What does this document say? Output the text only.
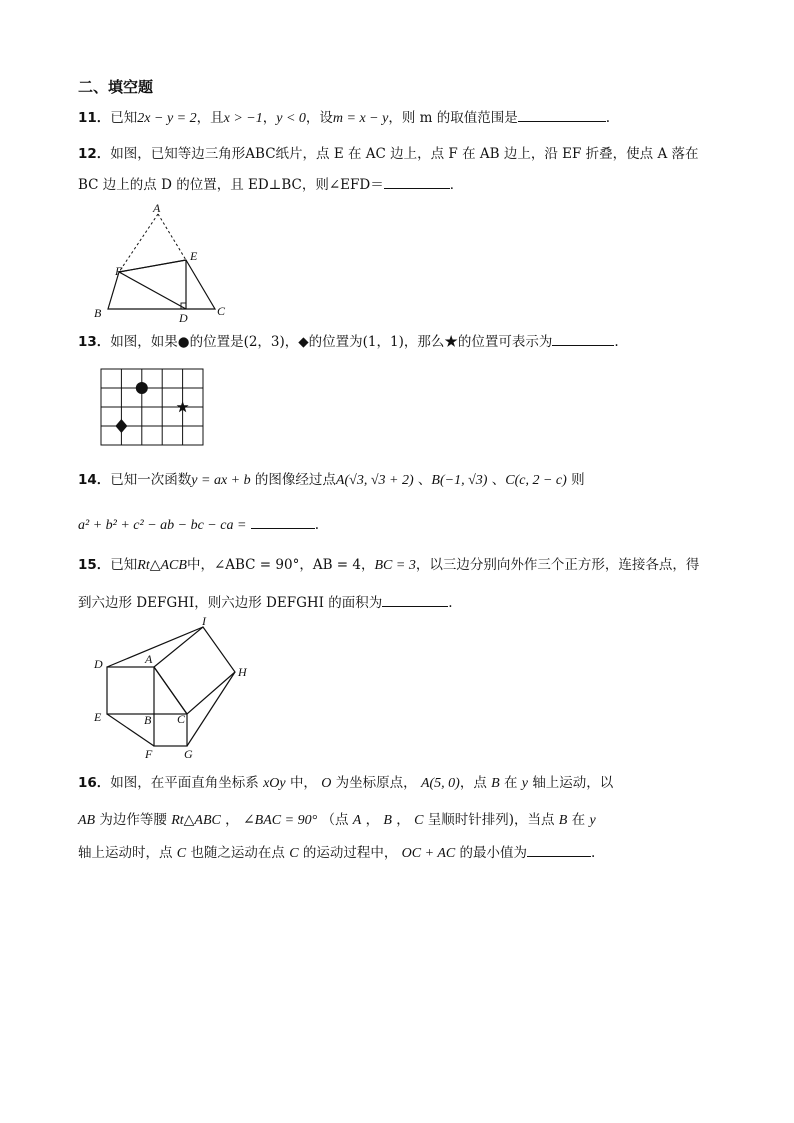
二、填空题
11．已知2x − y = 2，且x > −1，y < 0，设m = x − y，则 m 的取值范围是	.
12．如图，已知等边三角形ABC纸片，点 E 在 AC 边上，点 F 在 AB 边上，沿 EF 折叠，使点 A 落在
BC 边上的点 D 的位置，且 ED⊥BC，则∠EFD＝	．
A
E
F
B	D C
13．如图，如果●的位置是(2，3)，◆的位置为(1，1)，那么★的位置可表示为	.
14．已知一次函数y = ax + b 的图像经过点A(√3, √3 + 2) 、B(−1, √3) 、C(c, 2 − c) 则
a² + b² + c² − ab − bc − ca =	.
15．已知Rt△ACB中，∠ABC = 90°，AB = 4，BC = 3，以三边分别向外作三个正方形，连接各点，得
到六边形 DEFGHI，则六边形 DEFGHI 的面积为	.
I
D	A
H
E	B C
F	G
16．如图，在平面直角坐标系 xOy 中， O 为坐标原点， A(5, 0)，点 B 在 y 轴上运动，以
AB 为边作等腰 Rt△ABC ， ∠BAC = 90° （点 A ， B ， C 呈顺时针排列)，当点 B 在 y
轴上运动时，点 C 也随之运动在点 C 的运动过程中， OC + AC 的最小值为	.
